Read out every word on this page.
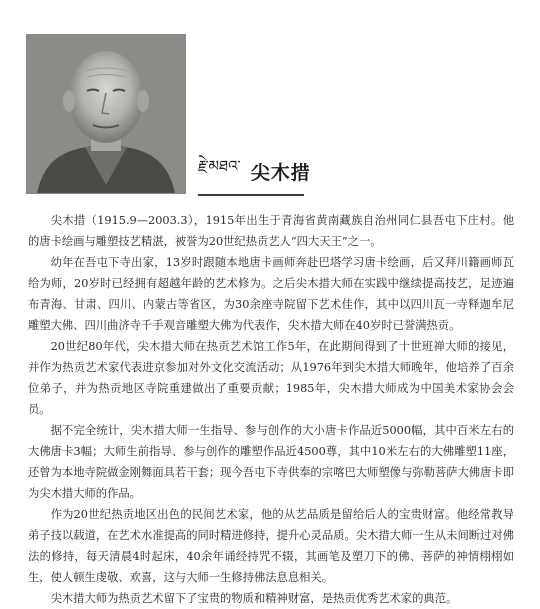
རྗེ་མཐའ་ 尖木措

尖木措（1915.9—2003.3），1915年出生于青海省黄南藏族自治州同仁县吾屯下庄村。他的唐卡绘画与雕塑技艺精湛，被誉为20世纪热贡艺人“四大天王”之一。

幼年在吾屯下寺出家，13岁时跟随本地唐卡画师奔赴巴塔学习唐卡绘画，后又拜川籍画师瓦给为师，20岁时已经拥有超越年龄的艺术修为。之后尖木措大师在实践中继续提高技艺，足迹遍布青海、甘肃、四川、内蒙古等省区，为30余座寺院留下艺术佳作，其中以四川瓦一寺释迦牟尼雕塑大佛、四川曲济寺千手观音雕塑大佛为代表作，尖木措大师在40岁时已誉满热贡。

20世纪80年代，尖木措大师在热贡艺术馆工作5年，在此期间得到了十世班禅大师的接见，并作为热贡艺术家代表进京参加对外文化交流活动；从1976年到尖木措大师晚年，他培养了百余位弟子，并为热贡地区寺院重建做出了重要贡献；1985年，尖木措大师成为中国美术家协会会员。

据不完全统计，尖木措大师一生指导、参与创作的大小唐卡作品近5000幅，其中百米左右的大佛唐卡3幅；大师生前指导、参与创作的雕塑作品近4500尊，其中10米左右的大佛雕塑11座，还曾为本地寺院做金刚舞面具若干套；现今吾屯下寺供奉的宗喀巴大师塑像与弥勒菩萨大佛唐卡即为尖木措大师的作品。

作为20世纪热贡地区出色的民间艺术家，他的从艺品质是留给后人的宝贵财富。他经常教导弟子技以载道，在艺术水准提高的同时精进修持，提升心灵品质。尖木措大师一生从未间断过对佛法的修持，每天清晨4时起床，40余年诵经持咒不辍，其画笔及塑刀下的佛、菩萨的神情栩栩如生，使人顿生虔敬、欢喜，这与大师一生修持佛法息息相关。

尖木措大师为热贡艺术留下了宝贵的物质和精神财富，是热贡优秀艺术家的典范。
